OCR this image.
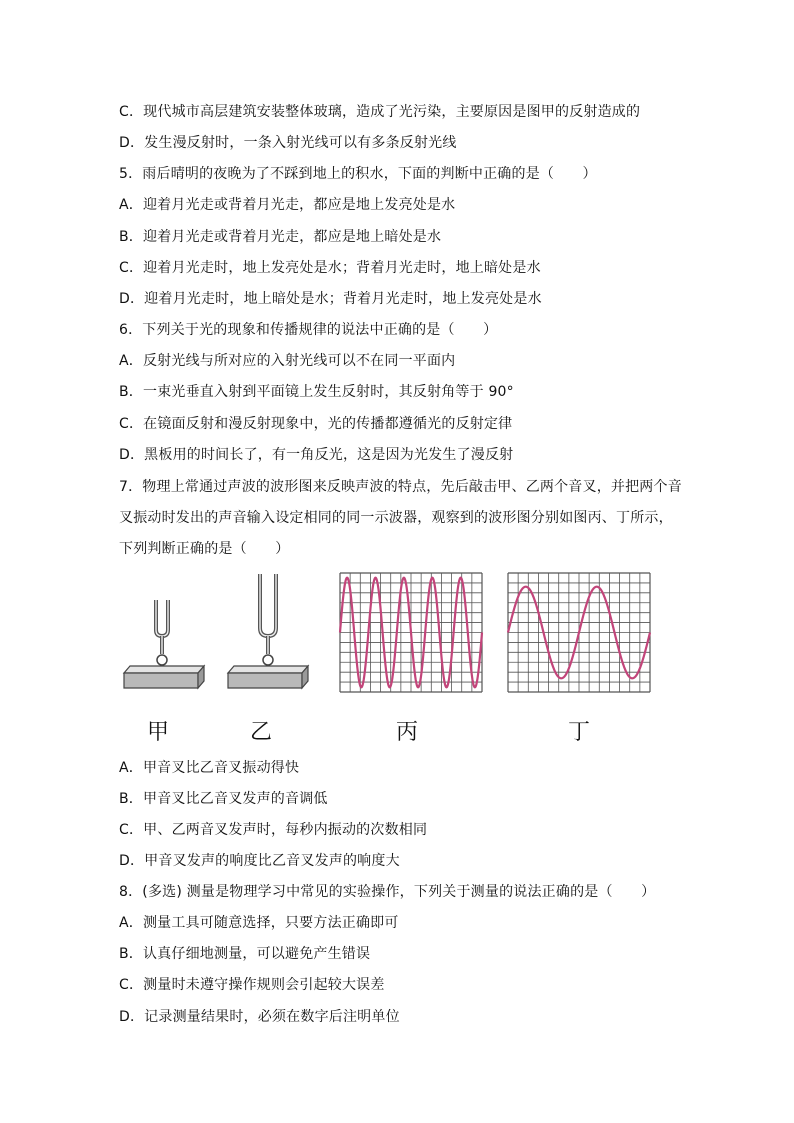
C．现代城市高层建筑安装整体玻璃，造成了光污染，主要原因是图甲的反射造成的
D．发生漫反射时，一条入射光线可以有多条反射光线
5．雨后晴明的夜晚为了不踩到地上的积水，下面的判断中正确的是（　　）
A．迎着月光走或背着月光走，都应是地上发亮处是水
B．迎着月光走或背着月光走，都应是地上暗处是水
C．迎着月光走时，地上发亮处是水；背着月光走时，地上暗处是水
D．迎着月光走时，地上暗处是水；背着月光走时，地上发亮处是水
6．下列关于光的现象和传播规律的说法中正确的是（　　）
A．反射光线与所对应的入射光线可以不在同一平面内
B．一束光垂直入射到平面镜上发生反射时，其反射角等于 90°
C．在镜面反射和漫反射现象中，光的传播都遵循光的反射定律
D．黑板用的时间长了，有一角反光，这是因为光发生了漫反射
7．物理上常通过声波的波形图来反映声波的特点，先后敲击甲、乙两个音叉，并把两个音
叉振动时发出的声音输入设定相同的同一示波器，观察到的波形图分别如图丙、丁所示，
下列判断正确的是（　　）
甲	乙	丙	丁
A．甲音叉比乙音叉振动得快
B．甲音叉比乙音叉发声的音调低
C．甲、乙两音叉发声时，每秒内振动的次数相同
D．甲音叉发声的响度比乙音叉发声的响度大
8．(多选) 测量是物理学习中常见的实验操作，下列关于测量的说法正确的是（　　）
A．测量工具可随意选择，只要方法正确即可
B．认真仔细地测量，可以避免产生错误
C．测量时未遵守操作规则会引起较大误差
D．记录测量结果时，必须在数字后注明单位
